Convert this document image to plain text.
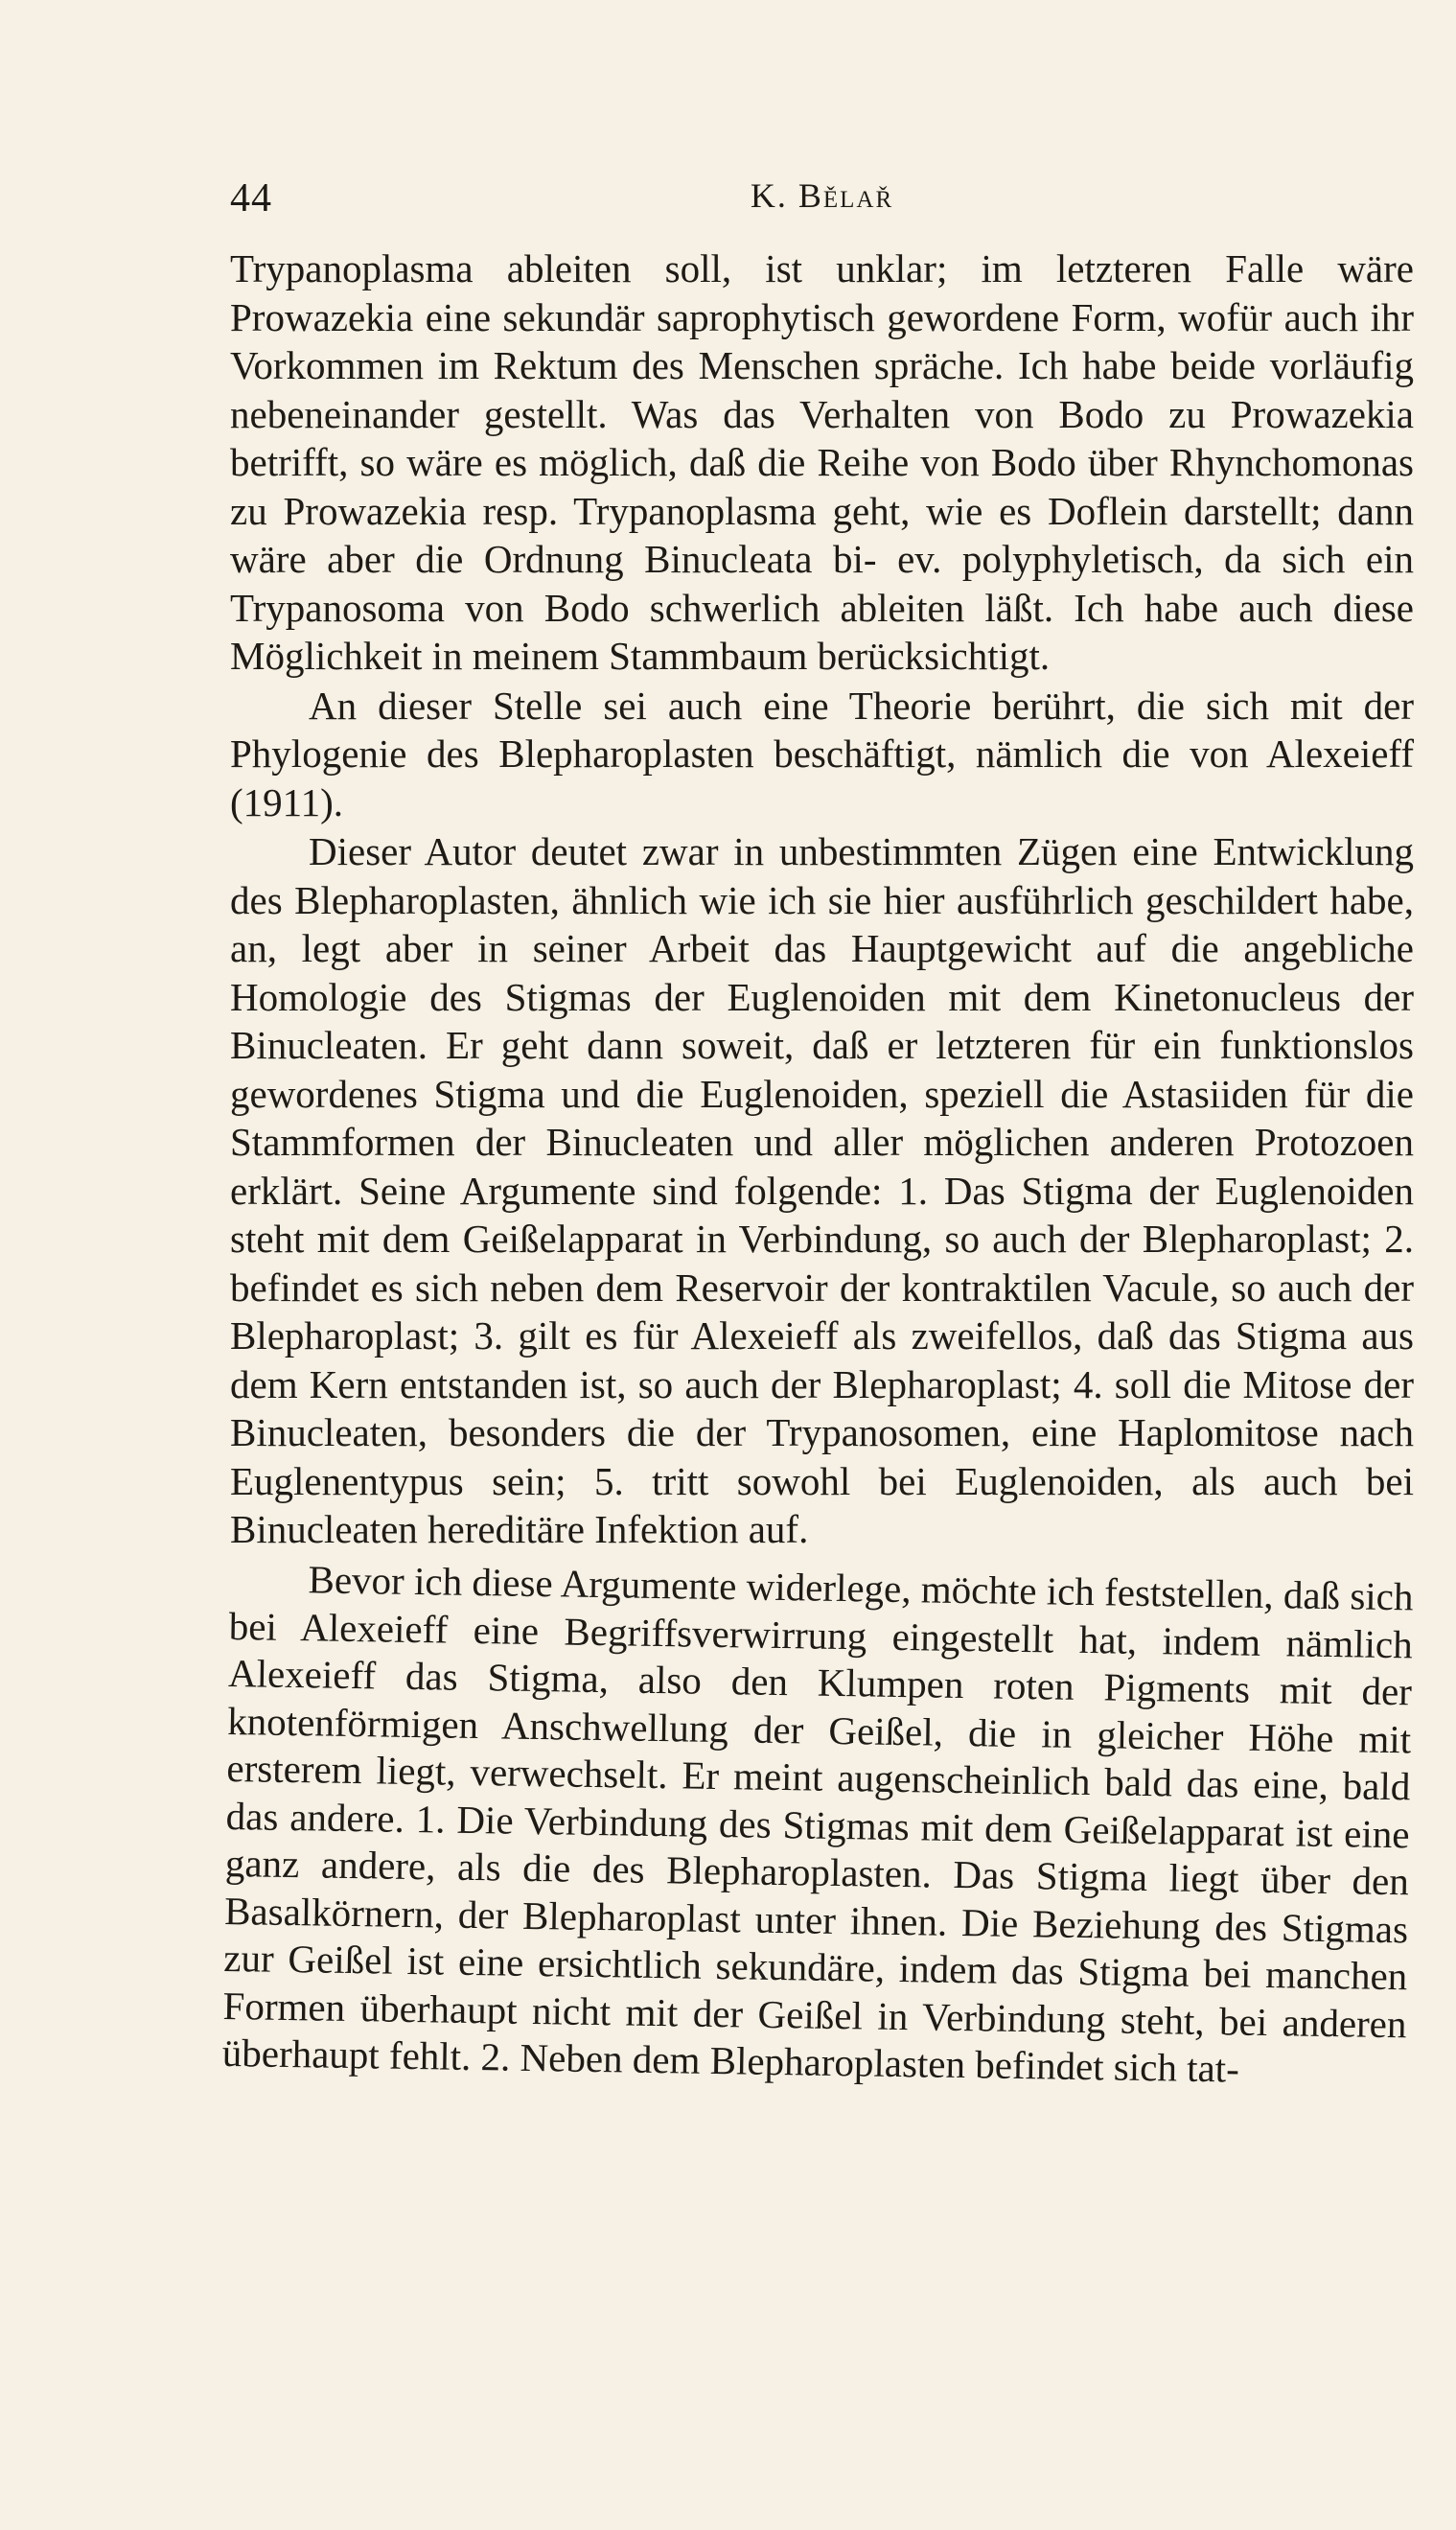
44	K. Bělař

Trypanoplasma ableiten soll, ist unklar; im letzteren Falle wäre Prowazekia eine sekundär saprophytisch gewordene Form, wofür auch ihr Vorkommen im Rektum des Menschen spräche. Ich habe beide vorläufig nebeneinander gestellt. Was das Verhalten von Bodo zu Prowazekia betrifft, so wäre es möglich, daß die Reihe von Bodo über Rhynchomonas zu Prowazekia resp. Trypanoplasma geht, wie es Doflein darstellt; dann wäre aber die Ordnung Binucleata bi- ev. polyphyletisch, da sich ein Trypanosoma von Bodo schwerlich ableiten läßt. Ich habe auch diese Möglichkeit in meinem Stammbaum berücksichtigt.

An dieser Stelle sei auch eine Theorie berührt, die sich mit der Phylogenie des Blepharoplasten beschäftigt, nämlich die von Alexeieff (1911).

Dieser Autor deutet zwar in unbestimmten Zügen eine Entwicklung des Blepharoplasten, ähnlich wie ich sie hier ausführlich geschildert habe, an, legt aber in seiner Arbeit das Hauptgewicht auf die angebliche Homologie des Stigmas der Euglenoiden mit dem Kinetonucleus der Binucleaten. Er geht dann soweit, daß er letzteren für ein funktionslos gewordenes Stigma und die Euglenoiden, speziell die Astasiiden für die Stammformen der Binucleaten und aller möglichen anderen Protozoen erklärt. Seine Argumente sind folgende: 1. Das Stigma der Euglenoiden steht mit dem Geißelapparat in Verbindung, so auch der Blepharoplast; 2. befindet es sich neben dem Reservoir der kontraktilen Vacule, so auch der Blepharoplast; 3. gilt es für Alexeieff als zweifellos, daß das Stigma aus dem Kern entstanden ist, so auch der Blepharoplast; 4. soll die Mitose der Binucleaten, besonders die der Trypanosomen, eine Haplomitose nach Euglenentypus sein; 5. tritt sowohl bei Euglenoiden, als auch bei Binucleaten hereditäre Infektion auf.

Bevor ich diese Argumente widerlege, möchte ich feststellen, daß sich bei Alexeieff eine Begriffsverwirrung eingestellt hat, indem nämlich Alexeieff das Stigma, also den Klumpen roten Pigments mit der knotenförmigen Anschwellung der Geißel, die in gleicher Höhe mit ersterem liegt, verwechselt. Er meint augenscheinlich bald das eine, bald das andere. 1. Die Verbindung des Stigmas mit dem Geißelapparat ist eine ganz andere, als die des Blepharoplasten. Das Stigma liegt über den Basalkörnern, der Blepharoplast unter ihnen. Die Beziehung des Stigmas zur Geißel ist eine ersichtlich sekundäre, indem das Stigma bei manchen Formen überhaupt nicht mit der Geißel in Verbindung steht, bei anderen überhaupt fehlt. 2. Neben dem Blepharoplasten befindet sich tat-
